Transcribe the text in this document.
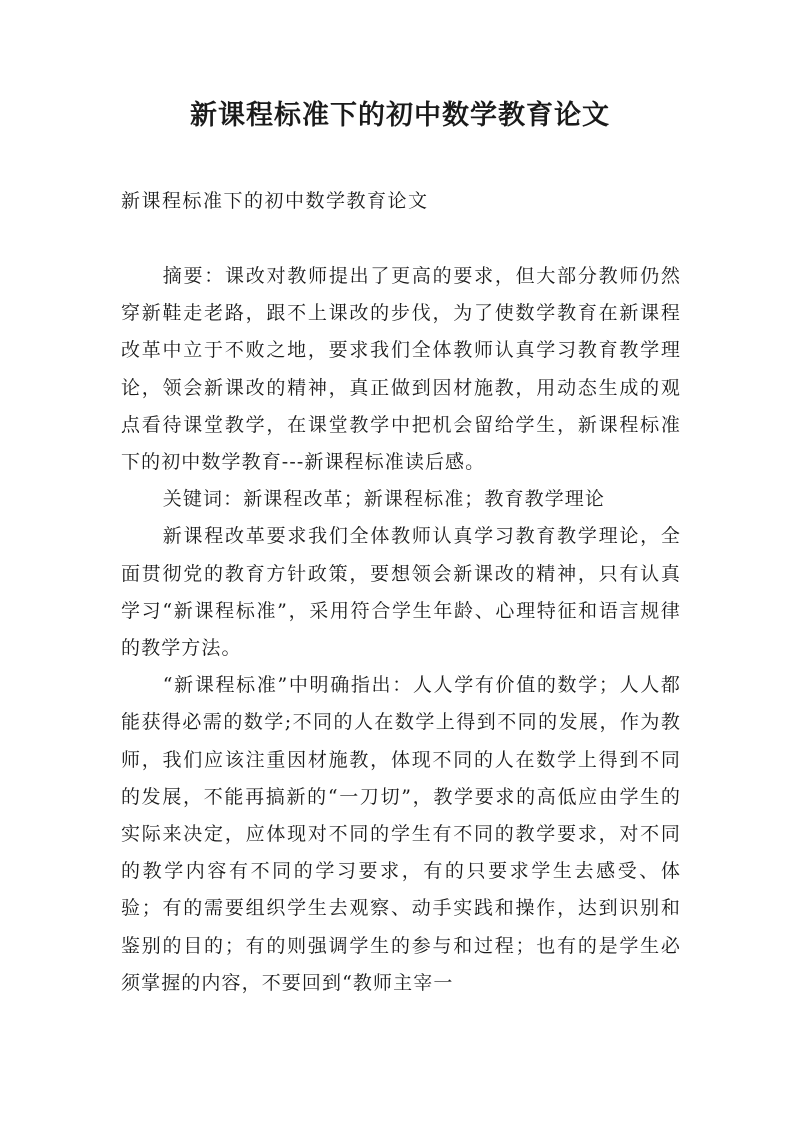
新课程标准下的初中数学教育论文
新课程标准下的初中数学教育论文

摘要：课改对教师提出了更高的要求，但大部分教师仍然穿新鞋走老路，跟不上课改的步伐，为了使数学教育在新课程改革中立于不败之地，要求我们全体教师认真学习教育教学理论，领会新课改的精神，真正做到因材施教，用动态生成的观点看待课堂教学，在课堂教学中把机会留给学生，新课程标准下的初中数学教育---新课程标准读后感。

关键词：新课程改革；新课程标准；教育教学理论

新课程改革要求我们全体教师认真学习教育教学理论，全面贯彻党的教育方针政策，要想领会新课改的精神，只有认真学习“新课程标准”，采用符合学生年龄、心理特征和语言规律的教学方法。

“新课程标准”中明确指出：人人学有价值的数学；人人都能获得必需的数学;不同的人在数学上得到不同的发展，作为教师，我们应该注重因材施教，体现不同的人在数学上得到不同的发展，不能再搞新的“一刀切”，教学要求的高低应由学生的实际来决定，应体现对不同的学生有不同的教学要求，对不同的教学内容有不同的学习要求，有的只要求学生去感受、体验；有的需要组织学生去观察、动手实践和操作，达到识别和鉴别的目的；有的则强调学生的参与和过程；也有的是学生必须掌握的内容，不要回到“教师主宰一
